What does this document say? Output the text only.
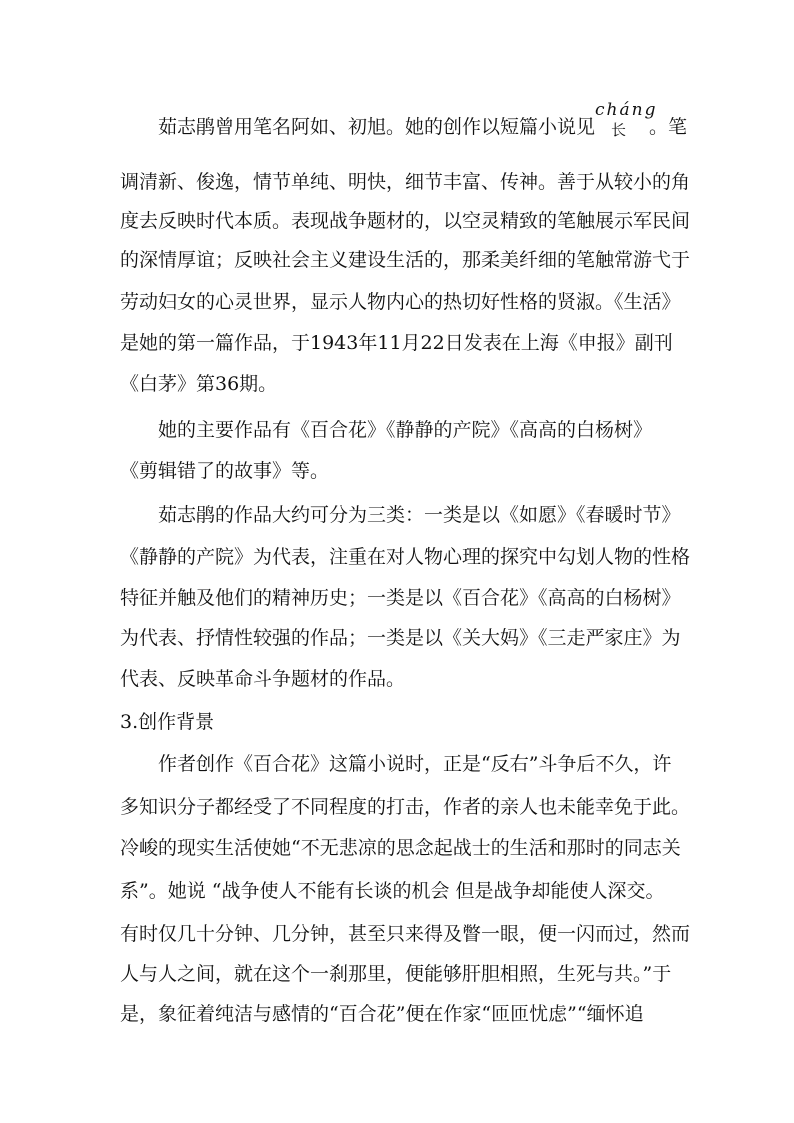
茹志鹃曾用笔名阿如、初旭。她的创作以短篇小说见
cháng
长 。笔
调清新、俊逸，情节单纯、明快，细节丰富、传神。善于从较小的角
度去反映时代本质。表现战争题材的，以空灵精致的笔触展示军民间
的深情厚谊；反映社会主义建设生活的，那柔美纤细的笔触常游弋于
劳动妇女的心灵世界，显示人物内心的热切好性格的贤淑。《生活》
是她的第一篇作品，于1943年11月22日发表在上海《申报》副刊
《白茅》第36期。
她的主要作品有《百合花》《静静的产院》《高高的白杨树》
《剪辑错了的故事》等。
茹志鹃的作品大约可分为三类：一类是以《如愿》《春暖时节》
《静静的产院》为代表，注重在对人物心理的探究中勾划人物的性格
特征并触及他们的精神历史；一类是以《百合花》《高高的白杨树》
为代表、抒情性较强的作品；一类是以《关大妈》《三走严家庄》为
代表、反映革命斗争题材的作品。
3.创作背景
作者创作《百合花》这篇小说时，正是“反右”斗争后不久，许
多知识分子都经受了不同程度的打击，作者的亲人也未能幸免于此。
冷峻的现实生活使她“不无悲凉的思念起战士的生活和那时的同志关
系”。她说 “战争使人不能有长谈的机会 但是战争却能使人深交。
有时仅几十分钟、几分钟，甚至只来得及瞥一眼，便一闪而过，然而
人与人之间，就在这个一刹那里，便能够肝胆相照，生死与共。”于
是，象征着纯洁与感情的“百合花”便在作家“匝匝忧虑”“缅怀追
